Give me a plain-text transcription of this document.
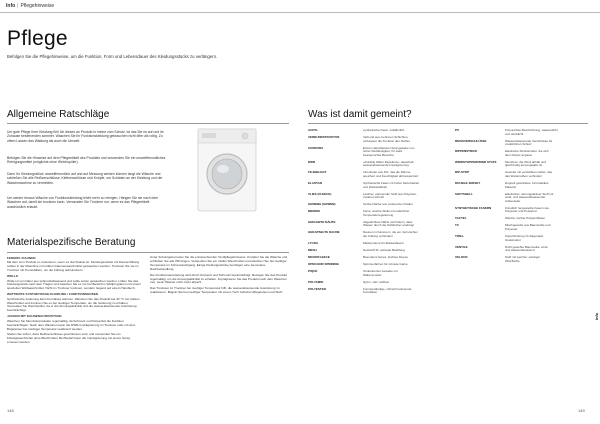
Info | Pflegehinweise
Pflege
Befolgen Sie die Pflegehinweise, um die Funktion, Form und Lebensdauer des Kleidungsstücks zu verlängern.
Allgemeine Ratschläge
Um gute Pflege Ihrer Kleidung fühl Ich dieses an Produkt in meine zum Schutz, ist das Sie es auf und ihr Zuhause bestehenden sommer. Waschen Sie Ihr Funktionskleidung gebrauchen nicht öfter als nötig. Zu oftem Lassen das Waldung als auch die Umwelt.
Befolgen Sie die Hinweise auf dem Pflegeetikett des Produkts und verwenden Sie ein umweltfreundliches Reinigungsmittel (möglichst ohne Weichspüler).
Dann Ihr Kleidungsstück umweltfreundlich auf und auf Messung werden können langt die Wäsche und schließen Sie alle Reißverschlüsse, Klettverschlüsse und Knöpfe, um Schäden an der Kleidung und der Waschmaschine zu vermeiden.
Um wieder heraus Wäsche von Funktionskleidung leicht mehr zu reinigen. Hängen Sie sie nach dem Waschen auf, damit sie trocknen kann. Verwenden Sie Trockner nur, wenn es das Pflegeetikett ausdrücklich erlaubt.
Materialspezifische Beratung
FEDERN / DAUNEN

Mit dem zum Produkt zu reduzieren, wenn es durchnässt ist. Kleidungsstücke mit Daunenfüllung sollten in der Maschine mit mildem Daunenwaschmittel gewaschen werden. Trocknen Sie sie im Trockner mit Tennisbällen, um die Füllung aufzulockern.

WOLLE

Wolle ist von Natur aus schmutzabweisend und sollte selten gewaschen werden. Lüften Sie das Kleidungsstück nach dem Tragen und waschen Sie es nur bei Bedarf im Wollprogramm mit einem speziellen Wollwaschmittel. Nicht im Trockner trocknen, sondern liegend auf einem Handtuch.

WATTIERTE SYNTHETISCHE KLEIDUNG / FUNKTIONSHOSEN

Synthetische Isolierung kann bei Nässe wärmen. Waschen Sie das Produkt bei 30 °C mit mildem Waschmittel und trocknen Sie es bei niedriger Temperatur, um die Isolierung zu erhalten. Vermeiden Sie Weichspüler, da er die Atmungsaktivität und die wasserabweisende Ausrüstung beeinträchtigt.

JACKEN MIT DAUNENAUSRÜSTUNG

Waschen Sie Membranprodukte regelmäßig, da Schmutz und Körperfett die Funktion beeinträchtigen. Nach dem Waschen kann die DWR-Imprägnierung im Trockner oder mit dem Bügeleisen bei niedriger Temperatur reaktiviert werden.

Stellen Sie sicher, dass Reißverschlüsse geschlossen sind, und verwenden Sie ein Flüssigwaschmittel ohne Bleichmittel. Bei Bedarf kann die Imprägnierung mit einem Spray erneuert werden.

Unter Schutzgebot teilen Sie die entsprechenden Textilpflegehinweise. Knöpfen Sie die Wäsche und schließen Sie alle Öffnungen. Verwenden Sie ein mildes Waschmittel und waschen Sie bei niedriger Temperatur im Schonwaschgang. Einige Kleidungsstücke benötigen eine besondere Nachbehandlung.

Die Funktionsausrüstung wird durch Körperöl und Schmutz beeinträchtigt. Reinigen Sie das Produkt regelmäßig, um die Atmungsaktivität zu erhalten. Imprägnieren Sie das Produkt nach dem Waschen neu, wenn Wasser nicht mehr abperlt.

Das Trocknen im Trockner bei niedriger Temperatur hilft, die wasserabweisende Ausrüstung zu reaktivieren. Bügeln Sie bei niedriger Temperatur mit einem Tuch zwischen Bügeleisen und Stoff.

Was ist damit gemeint?
ACRYL	synthetische Faser, wollähnlich
VERBUNDSTRUKTUR	Verbund aus mehreren Schichten,
verbessert die Funktion des Stoffes
CORDURA	Extrem abriebfestes Nylongewebe von
hoher Reißfestigkeit, für stark
beanspruchte Bereiche
DWR	»Durable Water Repellent«: dauerhaft
wasserabweisende Imprägnierung
FILZBELEGT	Innenfutter aus Filz, das die Wärme
speichert und Feuchtigkeit abtransportiert
ELASTAN	Synthetische Faser mit hoher Dehnbarkeit
und Rückstellkraft
VLIES (FLEECE)	Leichter, wärmender Stoff aus Polyester,
trocknet schnell
GEWEBE (GEWEB)	Textile Fläche aus verkreuzten Fäden
MERINO	Feine, weiche Wolle mit natürlicher
Temperaturregulierung
GEKLEBTE NÄHTE	Abgedichtete Nähte verhindern, dass
Wasser durch die Nahtlöcher eindringt
GEKAPSELTE DAUNE	Daunen in Kammern, die ein Verrutschen
der Füllung verhindern
LYCRA	Markenname für Elastanfasern
MESH	Netzstoff für optimale Belüftung
MICROFLEECE	Besonders feines, leichtes Fleece
OPEN END SPINNING	Spinnverfahren für robuste Garne
PIQUÉ	Strukturiertes Gewebe mit
Wabenmuster
POLYAMID	Nylon, sehr reißfest
POLYESTER	Formbeständige, schnell trocknende
Kunstfaser
PU	Polyurethan-Beschichtung, wasserdicht
und winddicht
REISSVERSCHLÜSSE	Wasserabweisende Verschlüsse für
zusätzlichen Schutz
RIPPENSTRICK	Elastische Strickstruktur, die sich
dem Körper anpasst
WINDSTOPPER/WIND STUFF	Membran, die Wind abhält und
gleichzeitig atmungsaktiv ist
RIP-STOP	Gewebe mit verstärktem Gitter, das
das Weiterreißen verhindert
DOUBLE JERSEY	Doppelt gestricktes, formstabiles
Material
SOFTSHELL	Elastischer, atmungsaktiver Stoff mit
wind- und wasserabweisender
Außenseite
SYNTHETISCHE FASERN	Künstlich hergestellte Fasern wie
Polyester und Polyamid
TACTEL	Weiche, leichte Polyamidfaser
TC	Mischgewebe aus Baumwolle und
Polyester
TWILL	Köperbindung mit diagonaler
Gratstruktur
VENTILE	Dicht gewebte Baumwolle, wind-
und wasserabweisend
VELOUR	Stoff mit weicher, samtiger
Oberfläche
148	149
Info
